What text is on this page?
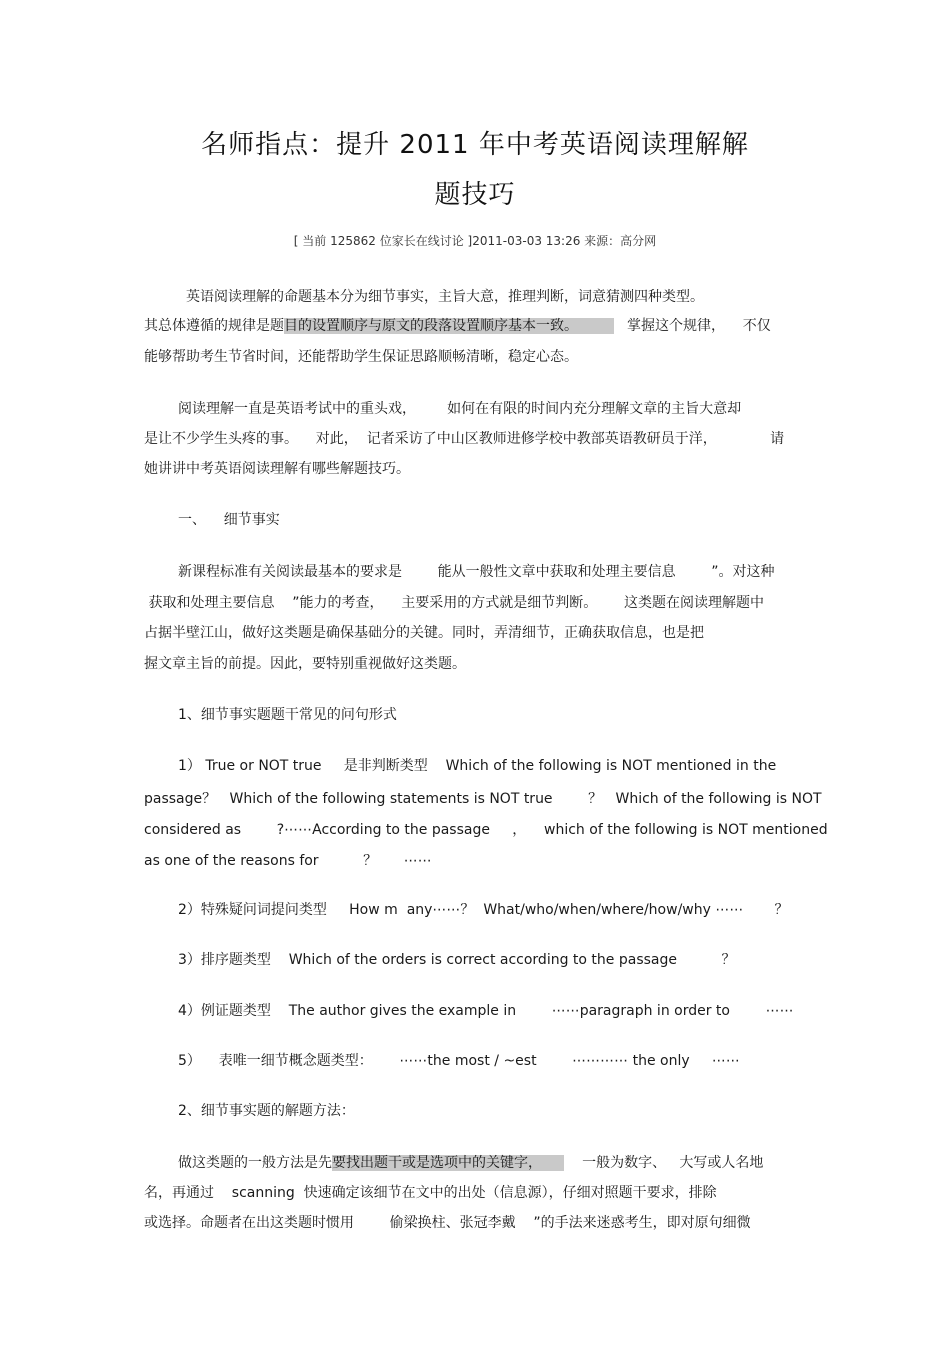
名师指点：提升 2011 年中考英语阅读理解解
题技巧
[ 当前 125862 位家长在线讨论 ]2011-03-03 13:26 来源：高分网
英语阅读理解的命题基本分为细节事实，主旨大意，推理判断，词意猜测四种类型。
其总体遵循的规律是题目的设置顺序与原文的段落设置顺序基本一致。           掌握这个规律，    不仅
能够帮助考生节省时间，还能帮助学生保证思路顺畅清晰，稳定心态。
阅读理解一直是英语考试中的重头戏，       如何在有限的时间内充分理解文章的主旨大意却
是让不少学生头疼的事。    对此，  记者采访了中山区教师进修学校中教部英语教研员于洋，            请
她讲讲中考英语阅读理解有哪些解题技巧。
一、    细节事实
新课程标准有关阅读最基本的要求是        能从一般性文章中获取和处理主要信息        ”。对这种
获取和处理主要信息    ”能力的考查，    主要采用的方式就是细节判断。      这类题在阅读理解题中
占据半壁江山，做好这类题是确保基础分的关键。同时，弄清细节，正确获取信息，也是把
握文章主旨的前提。因此，要特别重视做好这类题。
1、细节事实题题干常见的问句形式
1） True or NOT true     是非判断类型    Which of the following is NOT mentioned in the
passage？   Which of the following statements is NOT true        ？   Which of the following is NOT
considered as        ?⋯⋯According to the passage     ，    which of the following is NOT mentioned
as one of the reasons for          ？      ⋯⋯
2）特殊疑问词提问类型     How m  any⋯⋯？  What/who/when/where/how/why ⋯⋯       ？
3）排序题类型    Which of the orders is correct according to the passage          ？
4）例证题类型    The author gives the example in        ⋯⋯paragraph in order to        ⋯⋯
5）    表唯一细节概念题类型：      ⋯⋯the most / ~est        ⋯⋯⋯⋯ the only     ⋯⋯
2、细节事实题的解题方法：
做这类题的一般方法是先要找出题干或是选项中的关键字，         一般为数字、   大写或人名地
名，再通过    scanning  快速确定该细节在文中的出处（信息源），仔细对照题干要求，排除
或选择。命题者在出这类题时惯用        偷梁换柱、张冠李戴    ”的手法来迷惑考生，即对原句细微
